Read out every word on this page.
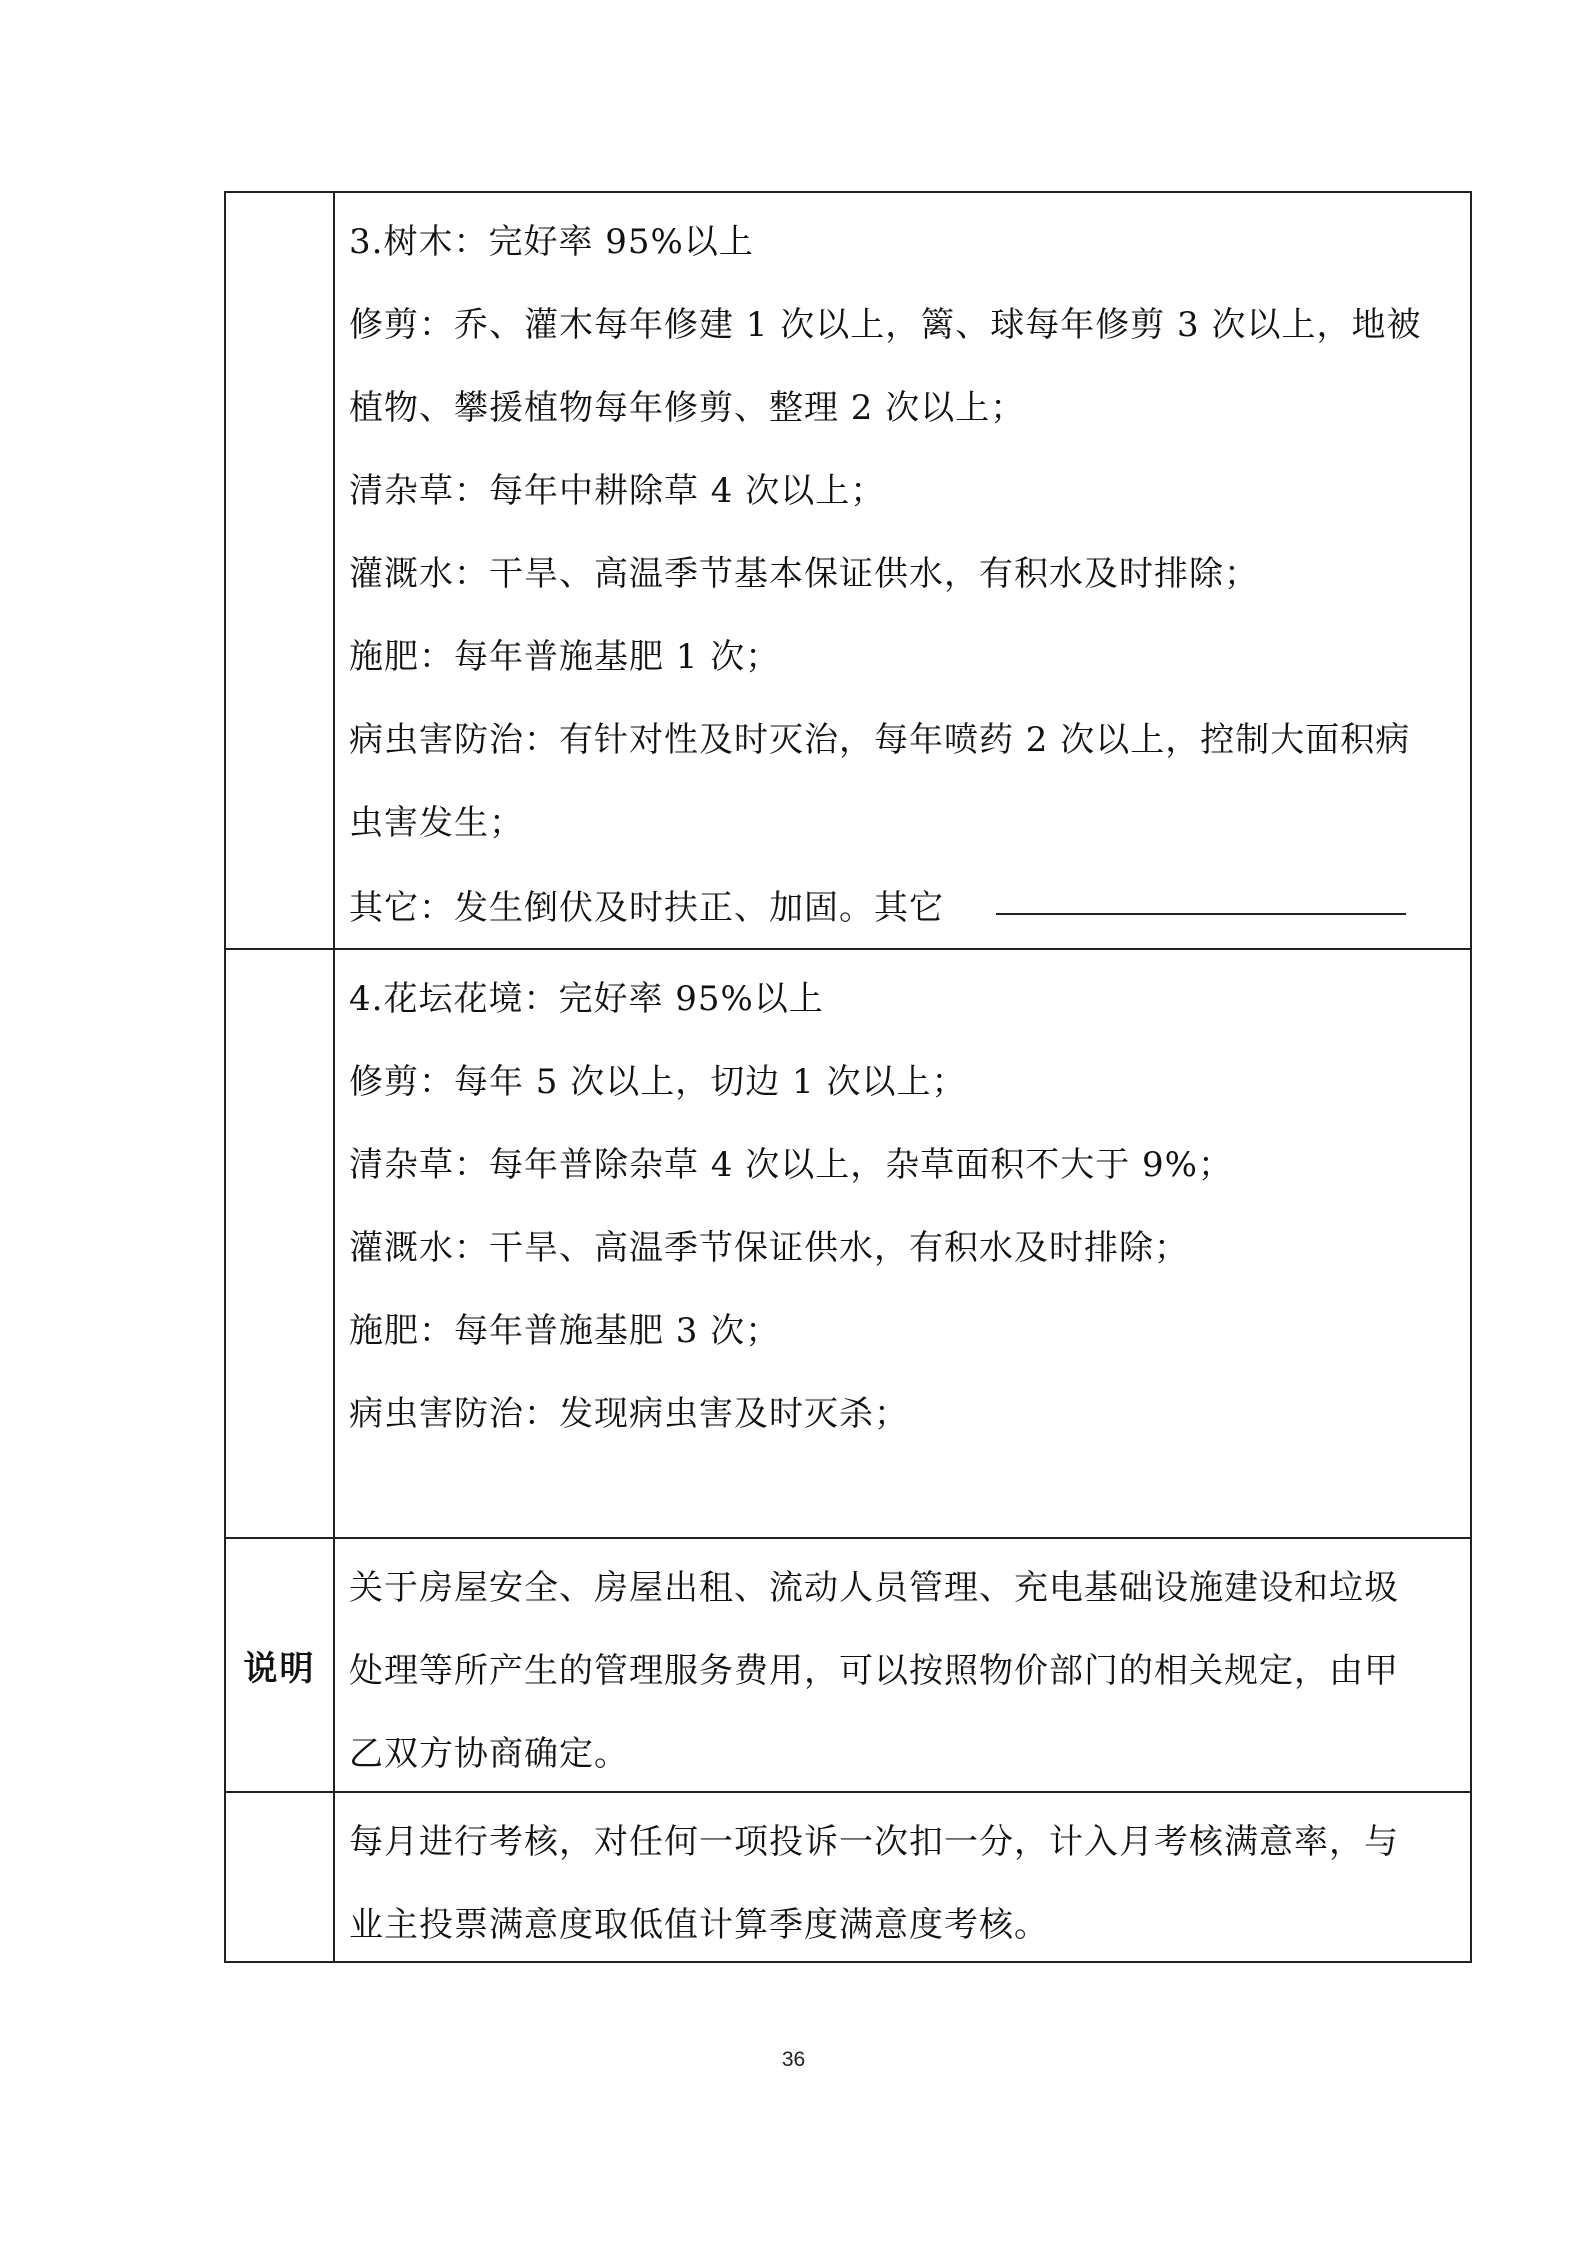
3.树木：完好率 95%以上
修剪：乔、灌木每年修建 1 次以上，篱、球每年修剪 3 次以上，地被
植物、攀援植物每年修剪、整理 2 次以上；
清杂草：每年中耕除草 4 次以上；
灌溉水：干旱、高温季节基本保证供水，有积水及时排除；
施肥：每年普施基肥 1 次；
病虫害防治：有针对性及时灭治，每年喷药 2 次以上，控制大面积病
虫害发生；
其它：发生倒伏及时扶正、加固。其它
4.花坛花境：完好率 95%以上
修剪：每年 5 次以上，切边 1 次以上；
清杂草：每年普除杂草 4 次以上，杂草面积不大于 9%；
灌溉水：干旱、高温季节保证供水，有积水及时排除；
施肥：每年普施基肥 3 次；
病虫害防治：发现病虫害及时灭杀；
说明
关于房屋安全、房屋出租、流动人员管理、充电基础设施建设和垃圾
处理等所产生的管理服务费用，可以按照物价部门的相关规定，由甲
乙双方协商确定。
每月进行考核，对任何一项投诉一次扣一分，计入月考核满意率，与
业主投票满意度取低值计算季度满意度考核。
36
